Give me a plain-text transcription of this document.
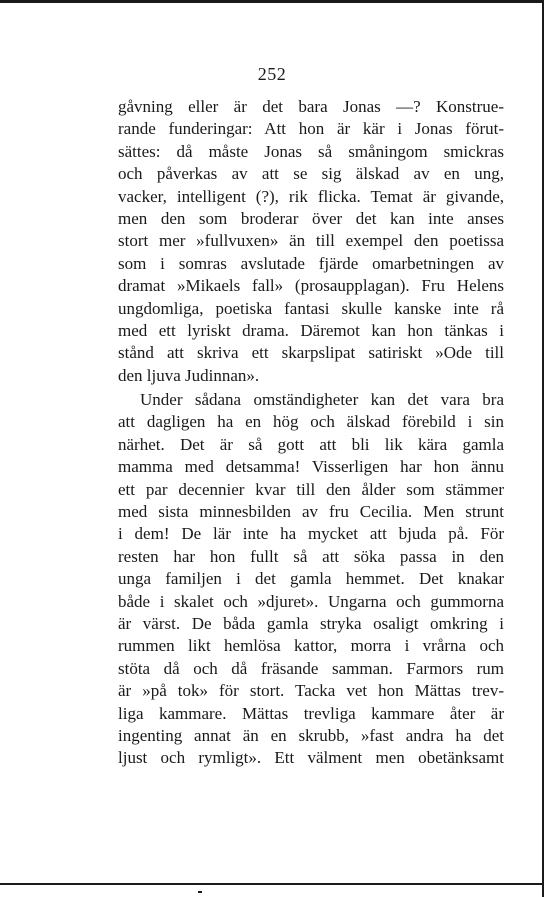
252
gåvning eller är det bara Jonas —? Konstrue-
rande funderingar: Att hon är kär i Jonas förut-
sättes: då måste Jonas så småningom smickras
och påverkas av att se sig älskad av en ung,
vacker, intelligent (?), rik flicka. Temat är givande,
men den som broderar över det kan inte anses
stort mer »fullvuxen» än till exempel den poetissa
som i somras avslutade fjärde omarbetningen av
dramat »Mikaels fall» (prosaupplagan). Fru Helens
ungdomliga, poetiska fantasi skulle kanske inte rå
med ett lyriskt drama. Däremot kan hon tänkas i
stånd att skriva ett skarpslipat satiriskt »Ode till
den ljuva Judinnan».
Under sådana omständigheter kan det vara bra
att dagligen ha en hög och älskad förebild i sin
närhet. Det är så gott att bli lik kära gamla
mamma med detsamma! Visserligen har hon ännu
ett par decennier kvar till den ålder som stämmer
med sista minnesbilden av fru Cecilia. Men strunt
i dem! De lär inte ha mycket att bjuda på. För
resten har hon fullt så att söka passa in den
unga familjen i det gamla hemmet. Det knakar
både i skalet och »djuret». Ungarna och gummorna
är värst. De båda gamla stryka osaligt omkring i
rummen likt hemlösa kattor, morra i vrårna och
stöta då och då fräsande samman. Farmors rum
är »på tok» för stort. Tacka vet hon Mättas trev-
liga kammare. Mättas trevliga kammare åter är
ingenting annat än en skrubb, »fast andra ha det
ljust och rymligt». Ett välment men obetänksamt
